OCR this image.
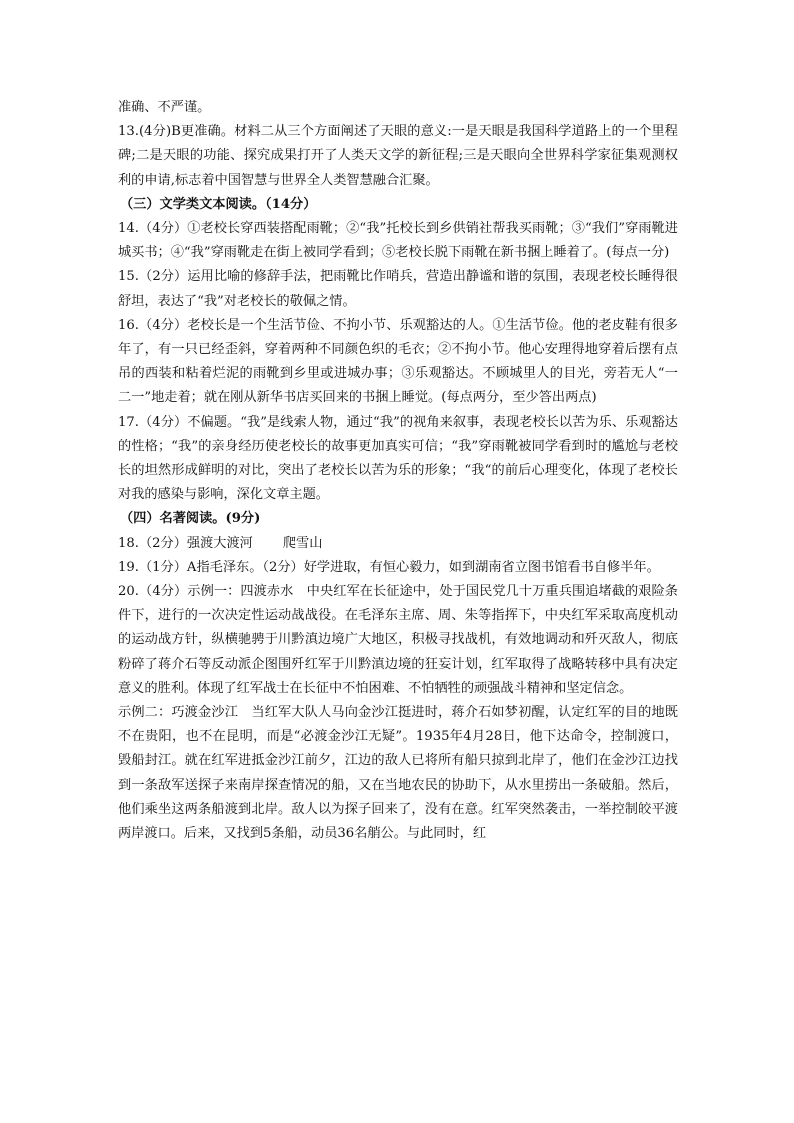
准确、不严谨。

13.(4分)B更准确。材料二从三个方面阐述了天眼的意义:一是天眼是我国科学道路上的一个里程碑;二是天眼的功能、探究成果打开了人类天文学的新征程;三是天眼向全世界科学家征集观测权利的申请,标志着中国智慧与世界全人类智慧融合汇聚。

（三）文学类文本阅读。（14分）

14.（4分）①老校长穿西装搭配雨靴；②“我”托校长到乡供销社帮我买雨靴；③“我们”穿雨靴进城买书；④“我”穿雨靴走在街上被同学看到；⑤老校长脱下雨靴在新书捆上睡着了。(每点一分)

15.（2分）运用比喻的修辞手法，把雨靴比作哨兵，营造出静谧和谐的氛围，表现老校长睡得很舒坦，表达了“我”对老校长的敬佩之情。

16.（4分）老校长是一个生活节俭、不拘小节、乐观豁达的人。①生活节俭。他的老皮鞋有很多年了，有一只已经歪斜，穿着两种不同颜色织的毛衣；②不拘小节。他心安理得地穿着后摆有点吊的西装和粘着烂泥的雨靴到乡里或进城办事；③乐观豁达。不顾城里人的目光，旁若无人“一二一”地走着；就在刚从新华书店买回来的书捆上睡觉。(每点两分，至少答出两点)

17.（4分）不偏题。“我”是线索人物，通过“我”的视角来叙事，表现老校长以苦为乐、乐观豁达的性格；“我”的亲身经历使老校长的故事更加真实可信；“我”穿雨靴被同学看到时的尴尬与老校长的坦然形成鲜明的对比，突出了老校长以苦为乐的形象；“我“的前后心理变化，体现了老校长对我的感染与影响，深化文章主题。

（四）名著阅读。(9分)

18.（2分）强渡大渡河 爬雪山

19.（1分）A指毛泽东。（2分）好学进取，有恒心毅力，如到湖南省立图书馆看书自修半年。

20.（4分）示例一：四渡赤水　中央红军在长征途中，处于国民党几十万重兵围追堵截的艰险条件下，进行的一次决定性运动战战役。在毛泽东主席、周、朱等指挥下，中央红军采取高度机动的运动战方针，纵横驰骋于川黔滇边境广大地区，积极寻找战机，有效地调动和歼灭敌人，彻底粉碎了蒋介石等反动派企图围歼红军于川黔滇边境的狂妄计划，红军取得了战略转移中具有决定意义的胜利。体现了红军战士在长征中不怕困难、不怕牺牲的顽强战斗精神和坚定信念。

示例二：巧渡金沙江　当红军大队人马向金沙江挺进时，蒋介石如梦初醒，认定红军的目的地既不在贵阳，也不在昆明，而是“必渡金沙江无疑”。1935年4月28日，他下达命令，控制渡口，毁船封江。就在红军进抵金沙江前夕，江边的敌人已将所有船只掠到北岸了，他们在金沙江边找到一条敌军送探子来南岸探查情况的船，又在当地农民的协助下，从水里捞出一条破船。然后，他们乘坐这两条船渡到北岸。敌人以为探子回来了，没有在意。红军突然袭击，一举控制皎平渡两岸渡口。后来，又找到5条船，动员36名艄公。与此同时，红
